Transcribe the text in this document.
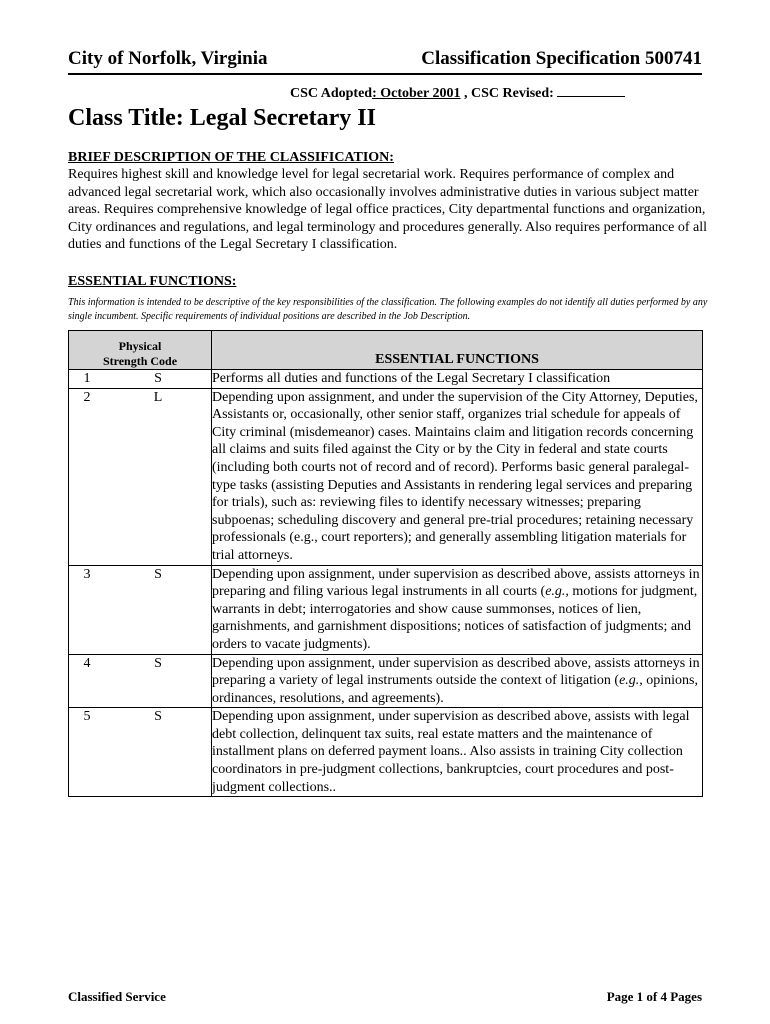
City of Norfolk, Virginia	Classification Specification 500741
CSC Adopted: October 2001 , CSC Revised:
Class Title: Legal Secretary II
BRIEF DESCRIPTION OF THE CLASSIFICATION:
Requires highest skill and knowledge level for legal secretarial work. Requires performance of complex and advanced legal secretarial work, which also occasionally involves administrative duties in various subject matter areas. Requires comprehensive knowledge of legal office practices, City departmental functions and organization, City ordinances and regulations, and legal terminology and procedures generally. Also requires performance of all duties and functions of the Legal Secretary I classification.
ESSENTIAL FUNCTIONS:
This information is intended to be descriptive of the key responsibilities of the classification. The following examples do not identify all duties performed by any single incumbent. Specific requirements of individual positions are described in the Job Description.
Physical
Strength Code		ESSENTIAL FUNCTIONS
1	S	Performs all duties and functions of the Legal Secretary I classification
2	L	Depending upon assignment, and under the supervision of the City Attorney, Deputies, Assistants or, occasionally, other senior staff, organizes trial schedule for appeals of City criminal (misdemeanor) cases. Maintains claim and litigation records concerning all claims and suits filed against the City or by the City in federal and state courts (including both courts not of record and of record). Performs basic general paralegal-type tasks (assisting Deputies and Assistants in rendering legal services and preparing for trials), such as: reviewing files to identify necessary witnesses; preparing subpoenas; scheduling discovery and general pre-trial procedures; retaining necessary professionals (e.g., court reporters); and generally assembling litigation materials for trial attorneys.
3	S	Depending upon assignment, under supervision as described above, assists attorneys in preparing and filing various legal instruments in all courts (e.g., motions for judgment, warrants in debt; interrogatories and show cause summonses, notices of lien, garnishments, and garnishment dispositions; notices of satisfaction of judgments; and orders to vacate judgments).
4	S	Depending upon assignment, under supervision as described above, assists attorneys in preparing a variety of legal instruments outside the context of litigation (e.g., opinions, ordinances, resolutions, and agreements).
5	S	Depending upon assignment, under supervision as described above, assists with legal debt collection, delinquent tax suits, real estate matters and the maintenance of installment plans on deferred payment loans.. Also assists in training City collection coordinators in pre-judgment collections, bankruptcies, court procedures and post-judgment collections..
Classified Service	Page 1 of 4 Pages
